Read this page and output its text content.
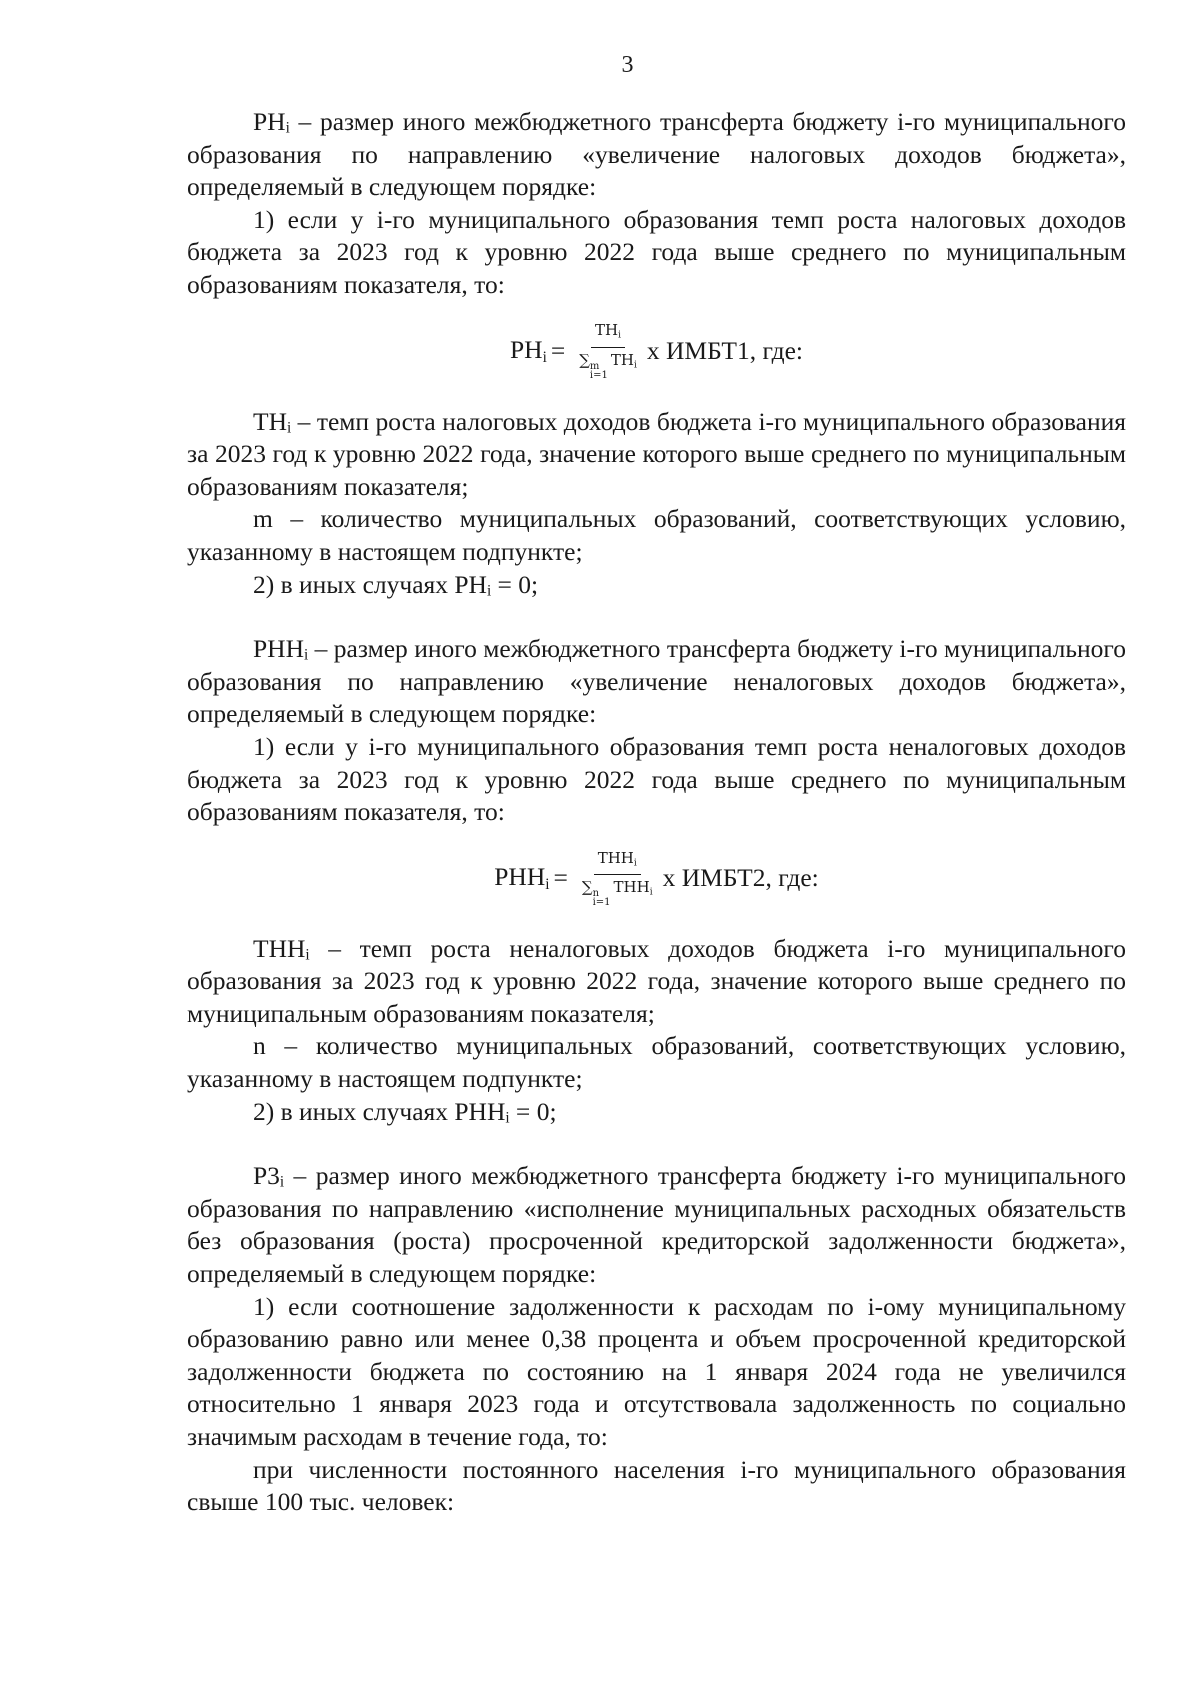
3

PHᵢ – размер иного межбюджетного трансферта бюджету i-го муниципального образования по направлению «увеличение налоговых доходов бюджета», определяемый в следующем порядке:

1) если у i-го муниципального образования темп роста налоговых доходов бюджета за 2023 год к уровню 2022 года выше среднего по муниципальным образованиям показателя, то:

$PH_i = TH_i$
∑ m
i=1
$TH_i$ x ИМБТ1, где:

THᵢ – темп роста налоговых доходов бюджета i-го муниципального образования за 2023 год к уровню 2022 года, значение которого выше среднего по муниципальным образованиям показателя;

m – количество муниципальных образований, соответствующих условию, указанному в настоящем подпункте;

2) в иных случаях PHᵢ = 0;

PHHᵢ – размер иного межбюджетного трансферта бюджету i-го муниципального образования по направлению «увеличение неналоговых доходов бюджета», определяемый в следующем порядке:

1) если у i-го муниципального образования темп роста неналоговых доходов бюджета за 2023 год к уровню 2022 года выше среднего по муниципальным образованиям показателя, то:

$PHH_i = THH_i$
∑ n
i=1
$THH_i$ x ИМБТ2, где:

THHᵢ – темп роста неналоговых доходов бюджета i-го муниципального образования за 2023 год к уровню 2022 года, значение которого выше среднего по муниципальным образованиям показателя;

n – количество муниципальных образований, соответствующих условию, указанному в настоящем подпункте;

2) в иных случаях PHHᵢ = 0;

P3ᵢ – размер иного межбюджетного трансферта бюджету i-го муниципального образования по направлению «исполнение муниципальных расходных обязательств без образования (роста) просроченной кредиторской задолженности бюджета», определяемый в следующем порядке:

1) если соотношение задолженности к расходам по i-ому муниципальному образованию равно или менее 0,38 процента и объем просроченной кредиторской задолженности бюджета по состоянию на 1 января 2024 года не увеличился относительно 1 января 2023 года и отсутствовала задолженность по социально значимым расходам в течение года, то:

при численности постоянного населения i-го муниципального образования свыше 100 тыс. человек:
